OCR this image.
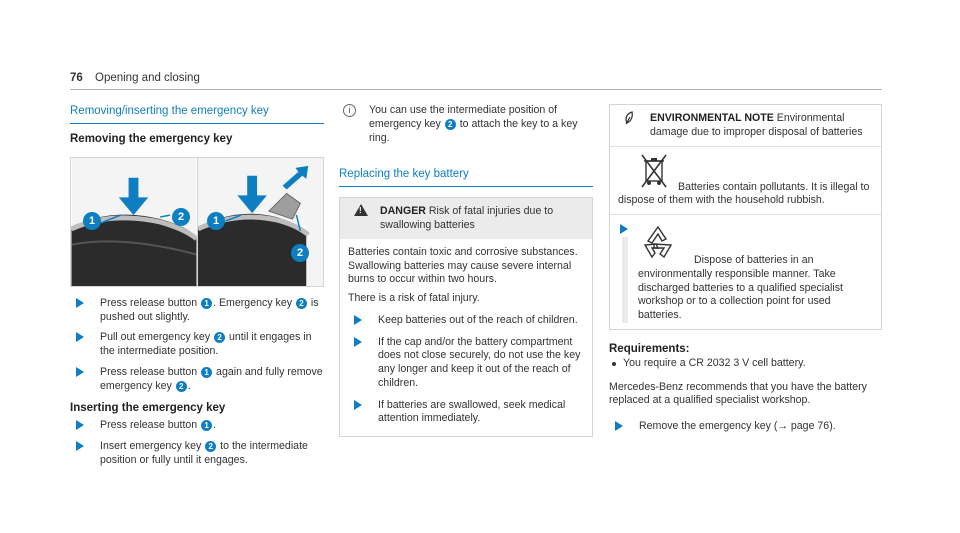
76 Opening and closing
Removing/inserting the emergency key
Removing the emergency key
1	2	1
2
Press release button 1 . Emergency key 2 is pushed out slightly.
Pull out emergency key 2 until it engages in the intermediate position.
Press release button 1 again and fully remove emergency key 2 .
Inserting the emergency key
Press release button 1 .
Insert emergency key 2 to the intermediate position or fully until it engages.
i	You can use the intermediate position of emergency key 2 to attach the key to a key ring.
Replacing the key battery
!
DANGER Risk of fatal injuries due to swallowing batteries

Batteries contain toxic and corrosive substances. Swallowing batteries may cause severe internal burns to occur within two hours.

There is a risk of fatal injury.

Keep batteries out of the reach of children.
If the cap and/or the battery compartment does not close securely, do not use the key any longer and keep it out of the reach of children.
If batteries are swallowed, seek medical attention immediately.
ENVIRONMENTAL NOTE Environmental damage due to improper disposal of batteries
Batteries contain pollutants. It is illegal to dispose of them with the household rubbish.
Dispose of batteries in an environmentally responsible manner. Take discharged batteries to a qualified specialist workshop or to a collection point for used batteries.
Requirements:
You require a CR 2032 3 V cell battery.
Mercedes-Benz recommends that you have the battery replaced at a qualified specialist workshop.
Remove the emergency key (→ page 76).
